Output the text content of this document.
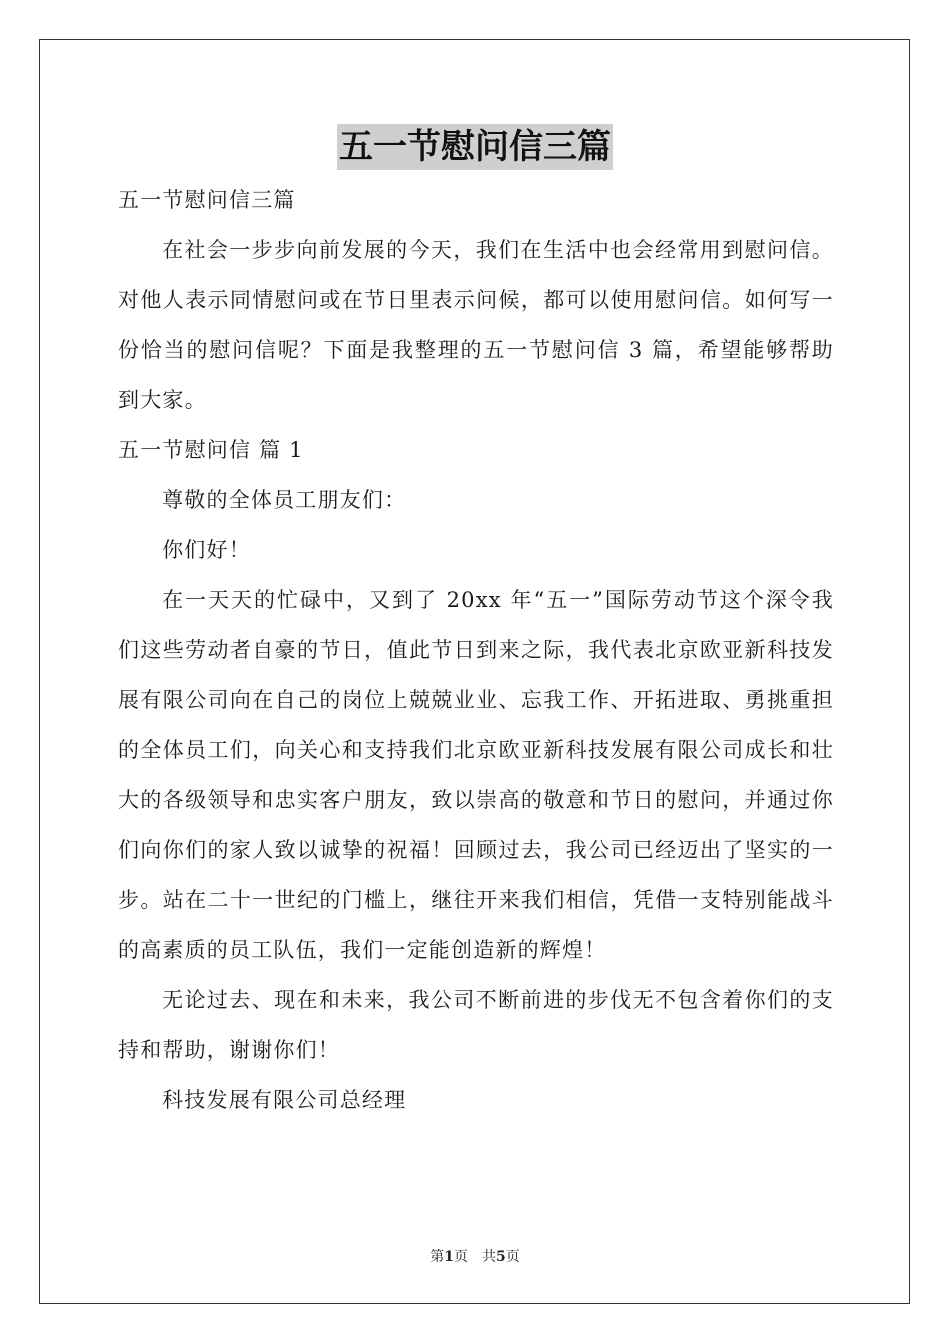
五一节慰问信三篇

五一节慰问信三篇

在社会一步步向前发展的今天，我们在生活中也会经常用到慰问信。对他人表示同情慰问或在节日里表示问候，都可以使用慰问信。如何写一份恰当的慰问信呢？下面是我整理的五一节慰问信 3 篇，希望能够帮助到大家。

五一节慰问信 篇 1

尊敬的全体员工朋友们：

你们好！

在一天天的忙碌中，又到了 20xx 年“五一”国际劳动节这个深令我们这些劳动者自豪的节日，值此节日到来之际，我代表北京欧亚新科技发展有限公司向在自己的岗位上兢兢业业、忘我工作、开拓进取、勇挑重担的全体员工们，向关心和支持我们北京欧亚新科技发展有限公司成长和壮大的各级领导和忠实客户朋友，致以崇高的敬意和节日的慰问，并通过你们向你们的家人致以诚挚的祝福！回顾过去，我公司已经迈出了坚实的一步。站在二十一世纪的门槛上，继往开来我们相信，凭借一支特别能战斗的高素质的员工队伍，我们一定能创造新的辉煌！

无论过去、现在和未来，我公司不断前进的步伐无不包含着你们的支持和帮助，谢谢你们！

科技发展有限公司总经理

第1页　共5页
